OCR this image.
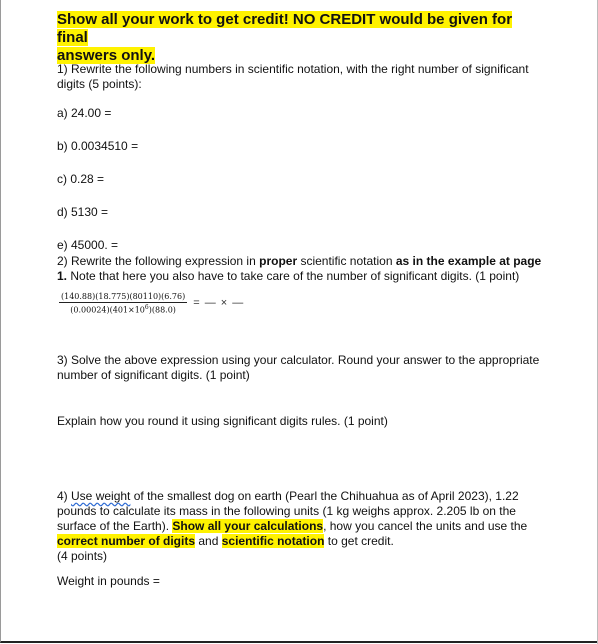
Show all your work to get credit! NO CREDIT would be given for final
answers only.
1) Rewrite the following numbers in scientific notation, with the right number of significant
digits (5 points):
a) 24.00 =
b) 0.0034510 =
c) 0.28 =
d) 5130 =
e) 45000. =
2) Rewrite the following expression in proper scientific notation as in the example at page
1. Note that here you also have to take care of the number of significant digits. (1 point)
$\frac{(140.88)(18.775)(80110)(6.76)}{(0.00024)(401\times 10^6)(88.0)}$ = — × —
3) Solve the above expression using your calculator. Round your answer to the appropriate
number of significant digits. (1 point)
Explain how you round it using significant digits rules. (1 point)
4) Use weight of the smallest dog on earth (Pearl the Chihuahua as of April 2023), 1.22
pounds to calculate its mass in the following units (1 kg weighs approx. 2.205 lb on the
surface of the Earth). Show all your calculations, how you cancel the units and use the
correct number of digits and scientific notation to get credit.
(4 points)
Weight in pounds =
